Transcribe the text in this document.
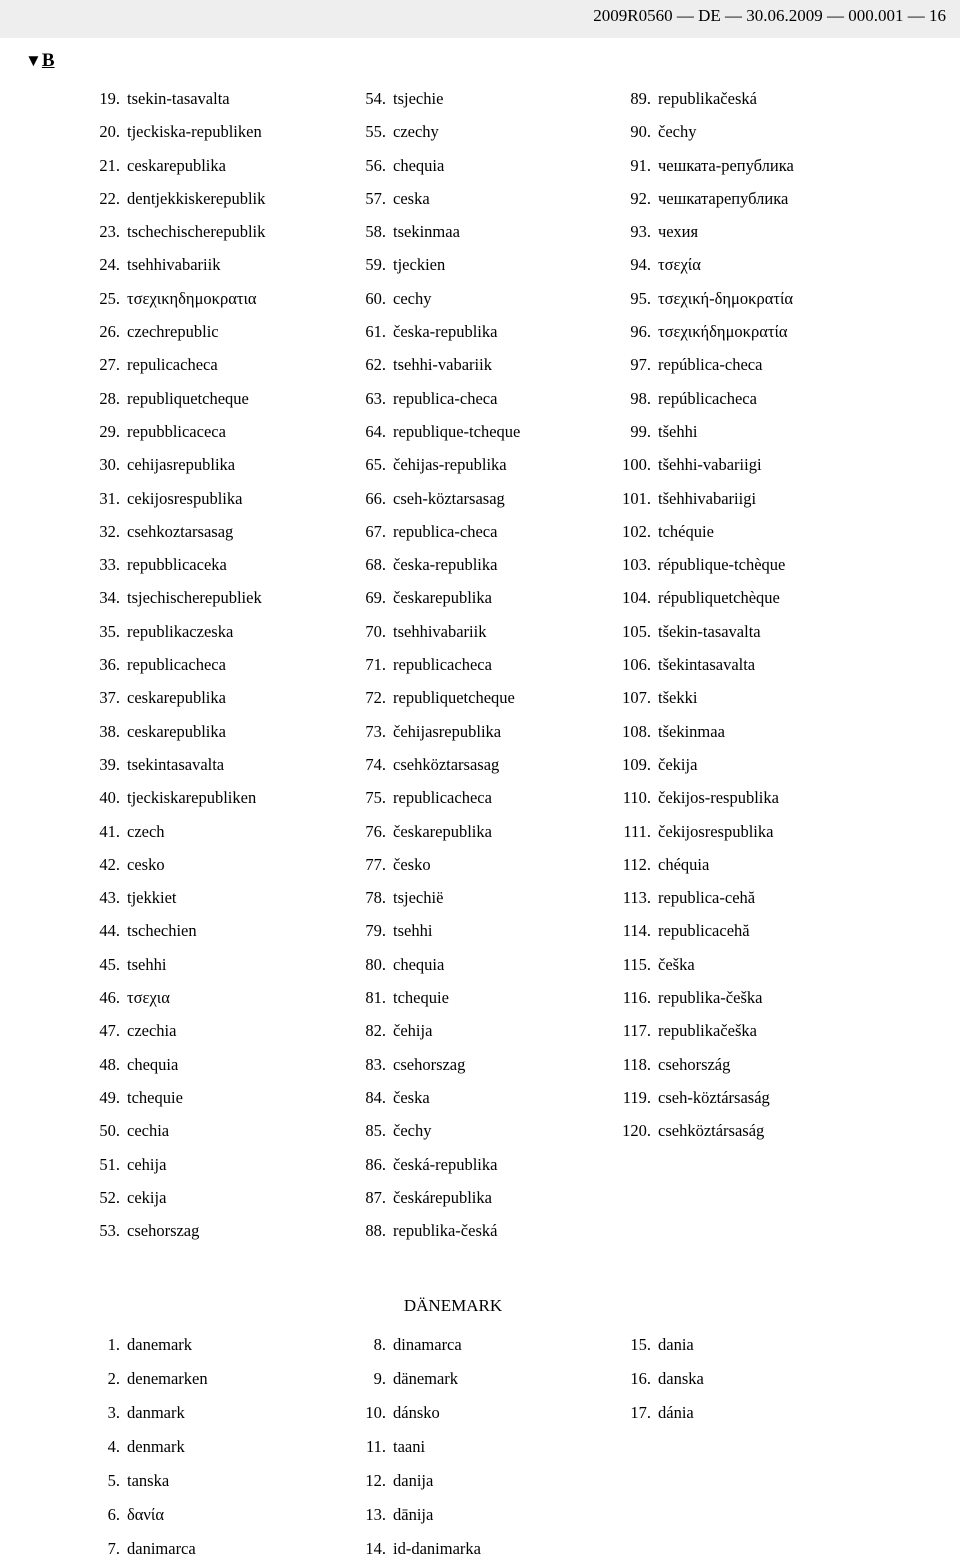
2009R0560 — DE — 30.06.2009 — 000.001 — 16
▼B
19. tsekin-tasavalta
20. tjeckiska-republiken
21. ceskarepublika
22. dentjekkiskerepublik
23. tschechischerepublik
24. tsehhivabariik
25. τσεχικηδημοκρατια
26. czechrepublic
27. repulicacheca
28. republiquetcheque
29. repubblicaceca
30. cehijasrepublika
31. cekijosrespublika
32. csehkoztarsasag
33. repubblicaceka
34. tsjechischerepubliek
35. republikaczeska
36. republicacheca
37. ceskarepublika
38. ceskarepublika
39. tsekintasavalta
40. tjeckiskarepubliken
41. czech
42. cesko
43. tjekkiet
44. tschechien
45. tsehhi
46. τσεχια
47. czechia
48. chequia
49. tchequie
50. cechia
51. cehija
52. cekija
53. csehorszag
54. tsjechie
55. czechy
56. chequia
57. ceska
58. tsekinmaa
59. tjeckien
60. cechy
61. česka-republika
62. tsehhi-vabariik
63. republica-checa
64. republique-tcheque
65. čehijas-republika
66. cseh-köztarsasag
67. republica-checa
68. česka-republika
69. českarepublika
70. tsehhivabariik
71. republicacheca
72. republiquetcheque
73. čehijasrepublika
74. csehköztarsasag
75. republicacheca
76. českarepublika
77. česko
78. tsjechië
79. tsehhi
80. chequia
81. tchequie
82. čehija
83. csehorszag
84. česka
85. čechy
86. česká-republika
87. českárepublika
88. republika-česká
89. republikačeská
90. čechy
91. чешката-република
92. чешкатарепублика
93. чехия
94. τσεχία
95. τσεχική-δημοκρατία
96. τσεχικήδημοκρατία
97. república-checa
98. repúblicacheca
99. tšehhi
100. tšehhi-vabariigi
101. tšehhivabariigi
102. tchéquie
103. république-tchèque
104. républiquetchèque
105. tšekin-tasavalta
106. tšekintasavalta
107. tšekki
108. tšekinmaa
109. čekija
110. čekijos-respublika
111. čekijosrespublika
112. chéquia
113. republica-cehă
114. republicacehă
115. češka
116. republika-češka
117. republikačeška
118. csehország
119. cseh-köztársaság
120. csehköztársaság
DÄNEMARK
1. danemark
2. denemarken
3. danmark
4. denmark
5. tanska
6. δανία
7. danimarca
8. dinamarca
9. dänemark
10. dánsko
11. taani
12. danija
13. dānija
14. id-danimarka
15. dania
16. danska
17. dánia
